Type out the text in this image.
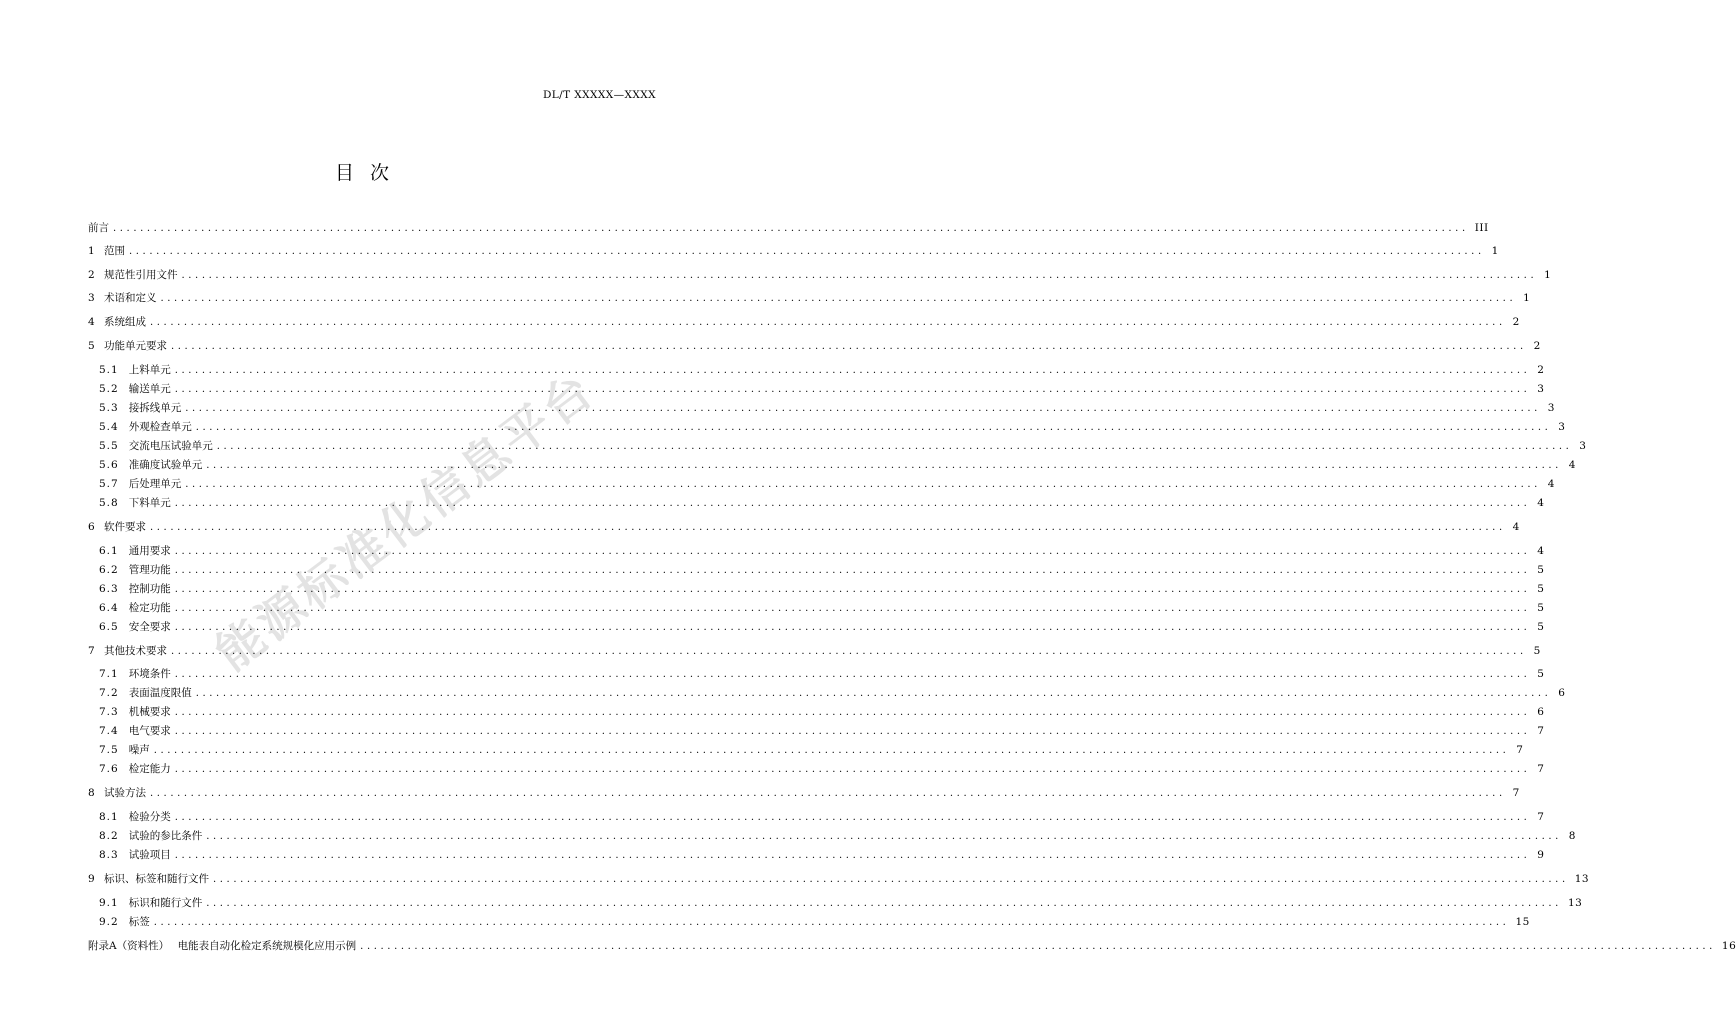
能源标准化信息平台
DL/T XXXXX—XXXX
目次
前言 ........................................................................................................................................................................................................ III
1 范围 ........................................................................................................................................................................................................ 1
2 规范性引用文件 ........................................................................................................................................................................................................ 1
3 术语和定义 ........................................................................................................................................................................................................ 1
4 系统组成 ........................................................................................................................................................................................................ 2
5 功能单元要求 ........................................................................................................................................................................................................ 2
5.1 上料单元 ........................................................................................................................................................................................................ 2
5.2 输送单元 ........................................................................................................................................................................................................ 3
5.3 接拆线单元 ........................................................................................................................................................................................................ 3
5.4 外观检查单元 ........................................................................................................................................................................................................ 3
5.5 交流电压试验单元 ........................................................................................................................................................................................................ 3
5.6 准确度试验单元 ........................................................................................................................................................................................................ 4
5.7 后处理单元 ........................................................................................................................................................................................................ 4
5.8 下料单元 ........................................................................................................................................................................................................ 4
6 软件要求 ........................................................................................................................................................................................................ 4
6.1 通用要求 ........................................................................................................................................................................................................ 4
6.2 管理功能 ........................................................................................................................................................................................................ 5
6.3 控制功能 ........................................................................................................................................................................................................ 5
6.4 检定功能 ........................................................................................................................................................................................................ 5
6.5 安全要求 ........................................................................................................................................................................................................ 5
7 其他技术要求 ........................................................................................................................................................................................................ 5
7.1 环境条件 ........................................................................................................................................................................................................ 5
7.2 表面温度限值 ........................................................................................................................................................................................................ 6
7.3 机械要求 ........................................................................................................................................................................................................ 6
7.4 电气要求 ........................................................................................................................................................................................................ 7
7.5 噪声 ........................................................................................................................................................................................................ 7
7.6 检定能力 ........................................................................................................................................................................................................ 7
8 试验方法 ........................................................................................................................................................................................................ 7
8.1 检验分类 ........................................................................................................................................................................................................ 7
8.2 试验的参比条件 ........................................................................................................................................................................................................ 8
8.3 试验项目 ........................................................................................................................................................................................................ 9
9 标识、标签和随行文件 ........................................................................................................................................................................................................ 13
9.1 标识和随行文件 ........................................................................................................................................................................................................ 13
9.2 标签 ........................................................................................................................................................................................................ 15
附录A（资料性）　 电能表自动化检定系统规模化应用示例 ........................................................................................................................................................................................................ 16
